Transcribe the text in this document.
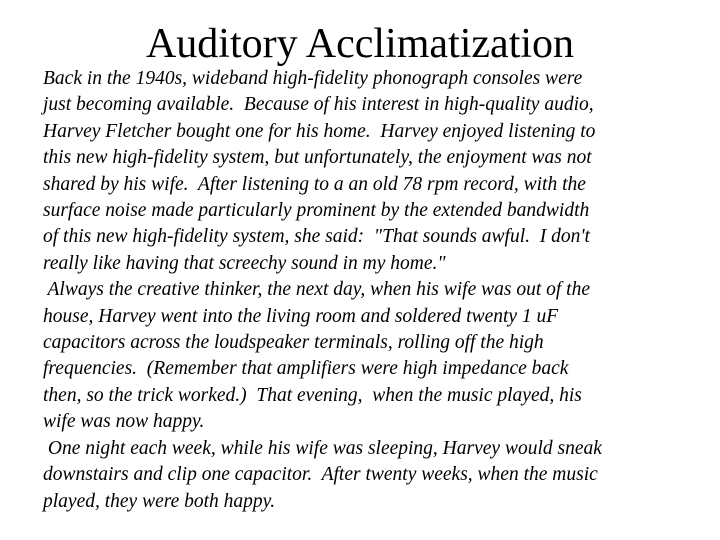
Auditory Acclimatization
Back in the 1940s, wideband high-fidelity phonograph consoles were
just becoming available.  Because of his interest in high-quality audio,
Harvey Fletcher bought one for his home.  Harvey enjoyed listening to
this new high-fidelity system, but unfortunately, the enjoyment was not
shared by his wife.  After listening to a an old 78 rpm record, with the
surface noise made particularly prominent by the extended bandwidth
of this new high-fidelity system, she said:  "That sounds awful.  I don't
really like having that screechy sound in my home."
Always the creative thinker, the next day, when his wife was out of the
house, Harvey went into the living room and soldered twenty 1 uF
capacitors across the loudspeaker terminals, rolling off the high
frequencies.  (Remember that amplifiers were high impedance back
then, so the trick worked.)  That evening,  when the music played, his
wife was now happy.
One night each week, while his wife was sleeping, Harvey would sneak
downstairs and clip one capacitor.  After twenty weeks, when the music
played, they were both happy.
